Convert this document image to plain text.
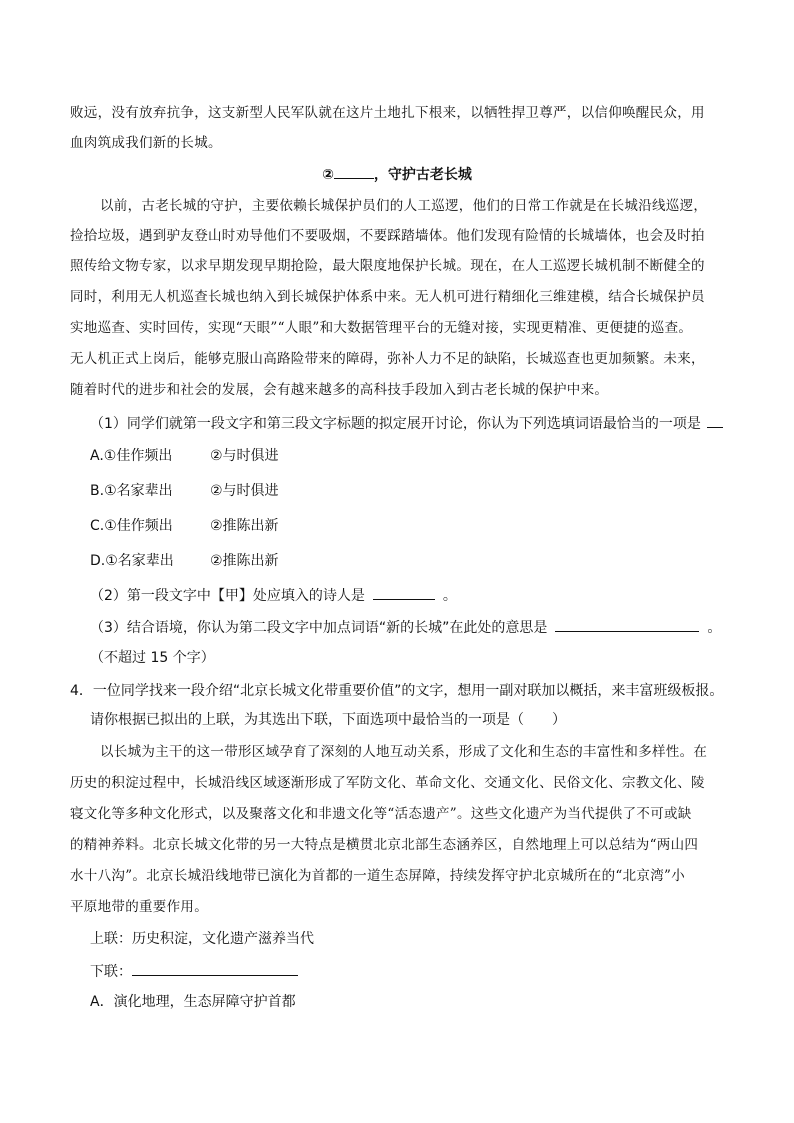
败远，没有放弃抗争，这支新型人民军队就在这片土地扎下根来，以牺牲捍卫尊严，以信仰唤醒民众，用
血肉筑成我们新的长城。
②	，守护古老长城
以前，古老长城的守护，主要依赖长城保护员们的人工巡逻，他们的日常工作就是在长城沿线巡逻，
捡拾垃圾，遇到驴友登山时劝导他们不要吸烟，不要踩踏墙体。他们发现有险情的长城墙体，也会及时拍
照传给文物专家，以求早期发现早期抢险，最大限度地保护长城。现在，在人工巡逻长城机制不断健全的
同时，利用无人机巡查长城也纳入到长城保护体系中来。无人机可进行精细化三维建模，结合长城保护员
实地巡查、实时回传，实现“天眼”“人眼”和大数据管理平台的无缝对接，实现更精准、更便捷的巡查。
无人机正式上岗后，能够克服山高路险带来的障碍，弥补人力不足的缺陷，长城巡查也更加频繁。未来，
随着时代的进步和社会的发展，会有越来越多的高科技手段加入到古老长城的保护中来。
（1）同学们就第一段文字和第三段文字标题的拟定展开讨论，你认为下列选填词语最恰当的一项是
A.①佳作频出	②与时俱进
B.①名家辈出	②与时俱进
C.①佳作频出	②推陈出新
D.①名家辈出	②推陈出新
（2）第一段文字中【甲】处应填入的诗人是	。
（3）结合语境，你认为第二段文字中加点词语“新的长城”在此处的意思是	。
（不超过 15 个字）
4．一位同学找来一段介绍“北京长城文化带重要价值”的文字，想用一副对联加以概括，来丰富班级板报。
请你根据已拟出的上联，为其选出下联，下面选项中最恰当的一项是（　　）
以长城为主干的这一带形区域孕育了深刻的人地互动关系，形成了文化和生态的丰富性和多样性。在
历史的积淀过程中，长城沿线区域逐渐形成了军防文化、革命文化、交通文化、民俗文化、宗教文化、陵
寝文化等多种文化形式，以及聚落文化和非遗文化等“活态遗产”。这些文化遗产为当代提供了不可或缺
的精神养料。北京长城文化带的另一大特点是横贯北京北部生态涵养区，自然地理上可以总结为“两山四
水十八沟”。北京长城沿线地带已演化为首都的一道生态屏障，持续发挥守护北京城所在的“北京湾”小
平原地带的重要作用。
上联：历史积淀，文化遗产滋养当代
下联：
A．演化地理，生态屏障守护首都
